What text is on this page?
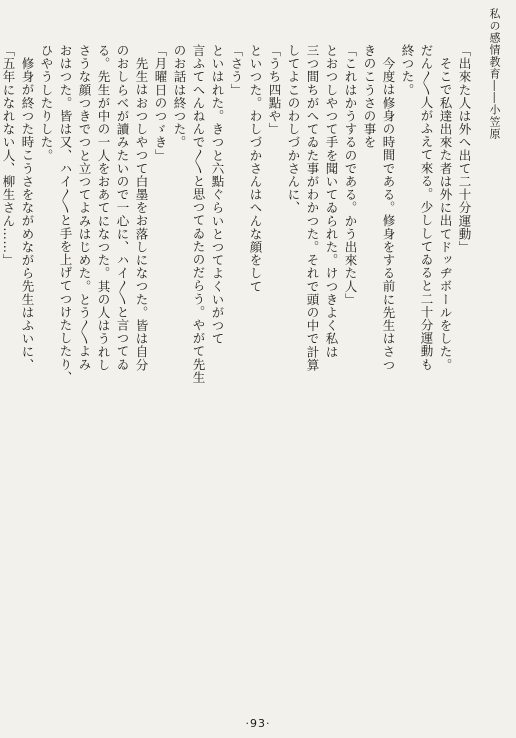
私の感情教育――小笠原
「出來た人は外へ出て二十分運動」
そこで私達出來た者は外に出てドッヂボールをした。
だん〳〵人がふえて來る。少ししてゐると二十分運動も
終つた。
今度は修身の時間である。修身をする前に先生はさつ
きのこうさの事を
「これはかうするのである。かう出來た人」
とおつしやつて手を聞いてゐられた。けつきよく私は
三つ間ちがへてゐた事がわかつた。それで頭の中で計算
してよこのわしづかさんに、
「うち四點や」
といつた。わしづかさんはへんな顔をして
「さう」
といはれた。きつと六點ぐらいとつてよくいがつて
言ふてへんねんで〳〵と思つてゐたのだらう。やがて先生
のお話は終つた。
「月曜日のつゞき」
先生はおつしやつて白墨をお落しになつた。皆は自分
のおしらべが讀みたいので一心に、ハイ〳〵と言つてゐ
る。先生が中の一人をおあてになつた。其の人はうれし
さうな顔つきでつと立つてよみはじめた。とう〳〵よみ
おはつた。皆は又、ハイ〳〵と手を上げてつけたしたり、
ひやうしたりした。
修身が終つた時こうさをながめながら先生はふいに、
「五年になれない人、柳生さん……」
·93·
